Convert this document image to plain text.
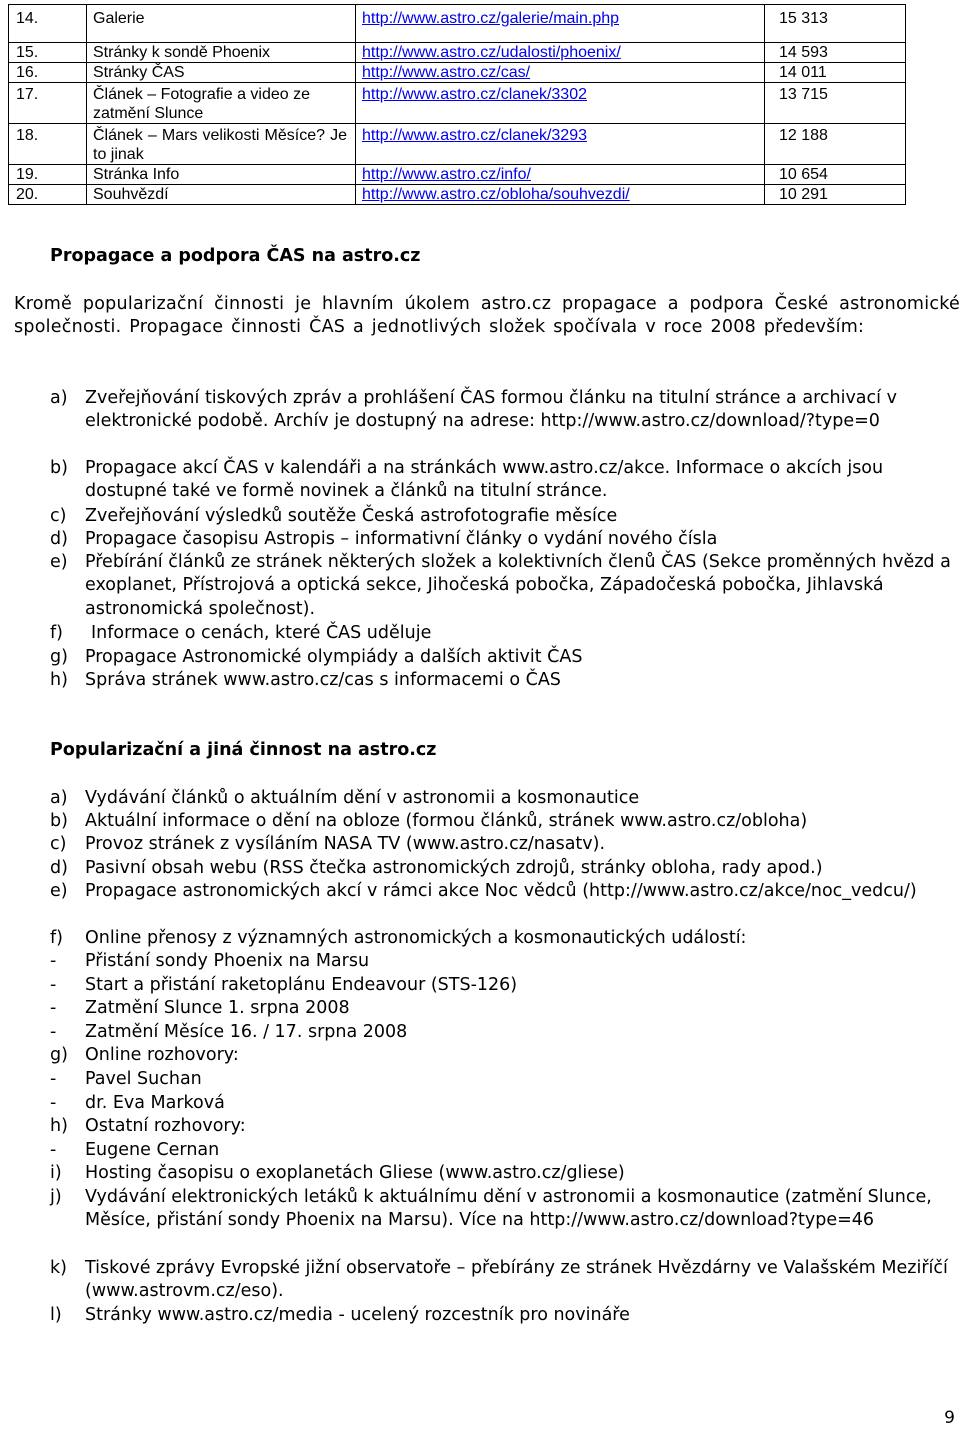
14.	Galerie	http://www.astro.cz/galerie/main.php	15 313
15.	Stránky k sondě Phoenix	http://www.astro.cz/udalosti/phoenix/	14 593
16.	Stránky ČAS	http://www.astro.cz/cas/	14 011
17.	Článek – Fotografie a video ze zatmění Slunce	http://www.astro.cz/clanek/3302	13 715
18.	Článek – Mars velikosti Měsíce? Je to jinak	http://www.astro.cz/clanek/3293	12 188
19.	Stránka Info	http://www.astro.cz/info/	10 654
20.	Souhvězdí	http://www.astro.cz/obloha/souhvezdi/	10 291
Propagace a podpora ČAS na astro.cz

Kromě popularizační činnosti je hlavním úkolem astro.cz propagace a podpora České astronomické společnosti. Propagace činnosti ČAS a jednotlivých složek spočívala v roce 2008 především:

a) Zveřejňování tiskových zpráv a prohlášení ČAS formou článku na titulní stránce a archivací v elektronické podobě. Archív je dostupný na adrese: http://www.astro.cz/download/?type=0
b) Propagace akcí ČAS v kalendáři a na stránkách www.astro.cz/akce. Informace o akcích jsou dostupné také ve formě novinek a článků na titulní stránce.
c) Zveřejňování výsledků soutěže Česká astrofotografie měsíce
d) Propagace časopisu Astropis – informativní články o vydání nového čísla
e) Přebírání článků ze stránek některých složek a kolektivních členů ČAS (Sekce proměnných hvězd a exoplanet, Přístrojová a optická sekce, Jihočeská pobočka, Západočeská pobočka, Jihlavská astronomická společnost).
f) Informace o cenách, které ČAS uděluje
g) Propagace Astronomické olympiády a dalších aktivit ČAS
h) Správa stránek www.astro.cz/cas s informacemi o ČAS
Popularizační a jiná činnost na astro.cz
a) Vydávání článků o aktuálním dění v astronomii a kosmonautice
b) Aktuální informace o dění na obloze (formou článků, stránek www.astro.cz/obloha)
c) Provoz stránek z vysíláním NASA TV (www.astro.cz/nasatv).
d) Pasivní obsah webu (RSS čtečka astronomických zdrojů, stránky obloha, rady apod.)
e) Propagace astronomických akcí v rámci akce Noc vědců (http://www.astro.cz/akce/noc_vedcu/)
f) Online přenosy z významných astronomických a kosmonautických událostí:
- Přistání sondy Phoenix na Marsu
- Start a přistání raketoplánu Endeavour (STS-126)
- Zatmění Slunce 1. srpna 2008
- Zatmění Měsíce 16. / 17. srpna 2008
g) Online rozhovory:
- Pavel Suchan
- dr. Eva Marková
h) Ostatní rozhovory:
- Eugene Cernan
i) Hosting časopisu o exoplanetách Gliese (www.astro.cz/gliese)
j) Vydávání elektronických letáků k aktuálnímu dění v astronomii a kosmonautice (zatmění Slunce, Měsíce, přistání sondy Phoenix na Marsu). Více na http://www.astro.cz/download?type=46
k) Tiskové zprávy Evropské jižní observatoře – přebírány ze stránek Hvězdárny ve Valašském Meziříčí (www.astrovm.cz/eso).
l) Stránky www.astro.cz/media - ucelený rozcestník pro novináře
9
